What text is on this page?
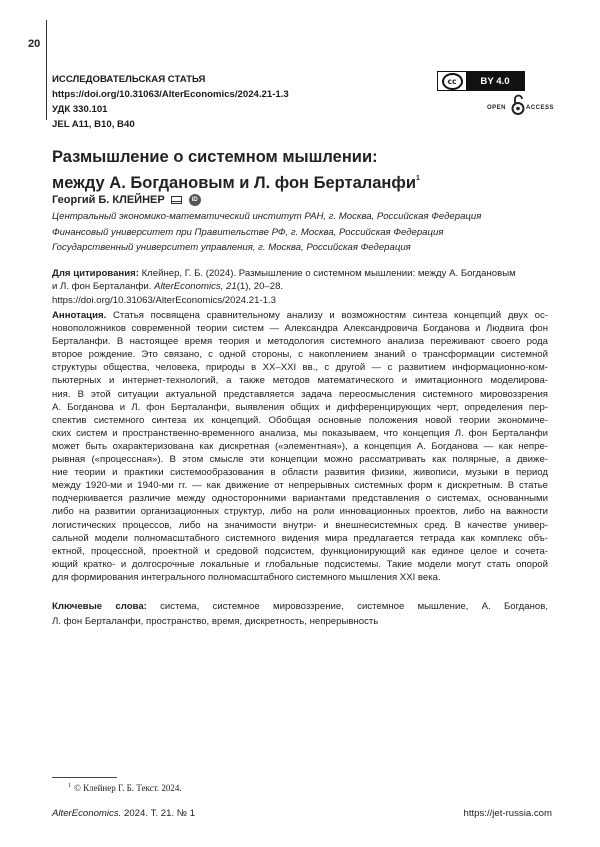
20
ИССЛЕДОВАТЕЛЬСКАЯ СТАТЬЯ
https://doi.org/10.31063/AlterEconomics/2024.21-1.3
УДК 330.101
JEL A11, B10, B40
cc	BY 4.0
OPEN	ACCESS
Размышление о системном мышлении:
между А. Богдановым и Л. фон Берталанфи$^1$
Георгий Б. КЛЕЙНЕР	iD
Центральный экономико-математический институт РАН, г. Москва, Российская Федерация
Финансовый университет при Правительстве РФ, г. Москва, Российская Федерация
Государственный университет управления, г. Москва, Российская Федерация
Для цитирования: Клейнер, Г. Б. (2024). Размышление о системном мышлении: между А. Богдановым
и Л. фон Берталанфи. AlterEconomics, 21(1), 20–28.
https://doi.org/10.31063/AlterEconomics/2024.21-1.3
Аннотация. Статья посвящена сравнительному анализу и возможностям синтеза концепций двух ос-
новоположников современной теории систем — Александра Александровича Богданова и Людвига фон
Берталанфи. В настоящее время теория и методология системного анализа переживают своего рода
второе рождение. Это связано, с одной стороны, с накоплением знаний о трансформации системной
структуры общества, человека, природы в XX–XXI вв., с другой — с развитием информационно-ком-
пьютерных и интернет-технологий, а также методов математического и имитационного моделирова-
ния. В этой ситуации актуальной представляется задача переосмысления системного мировоззрения
А. Богданова и Л. фон Берталанфи, выявления общих и дифференцирующих черт, определения пер-
спектив системного синтеза их концепций. Обобщая основные положения новой теории экономиче-
ских систем и пространственно-временного анализа, мы показываем, что концепция Л. фон Берталанфи
может быть охарактеризована как дискретная («элементная»), а концепция А. Богданова — как непре-
рывная («процессная»). В этом смысле эти концепции можно рассматривать как полярные, а движе-
ние теории и практики системообразования в области развития физики, живописи, музыки в период
между 1920-ми и 1940-ми гг. — как движение от непрерывных системных форм к дискретным. В статье
подчеркивается различие между односторонними вариантами представления о системах, основанными
либо на развитии организационных структур, либо на роли инновационных проектов, либо на важности
логистических процессов, либо на значимости внутри- и внешнесистемных сред. В качестве универ-
сальной модели полномасштабного системного видения мира предлагается тетрада как комплекс объ-
ектной, процессной, проектной и средовой подсистем, функционирующий как единое целое и сочета-
ющий кратко- и долгосрочные локальные и глобальные подсистемы. Такие модели могут стать опорой
для формирования интегрального полномасштабного системного мышления XXI века.
Ключевые слова: система, системное мировоззрение, системное мышление, А. Богданов,
Л. фон Берталанфи, пространство, время, дискретность, непрерывность
$^1$ © Клейнер Г. Б. Текст. 2024.
AlterEconomics. 2024. Т. 21. № 1	https://jet-russia.com
